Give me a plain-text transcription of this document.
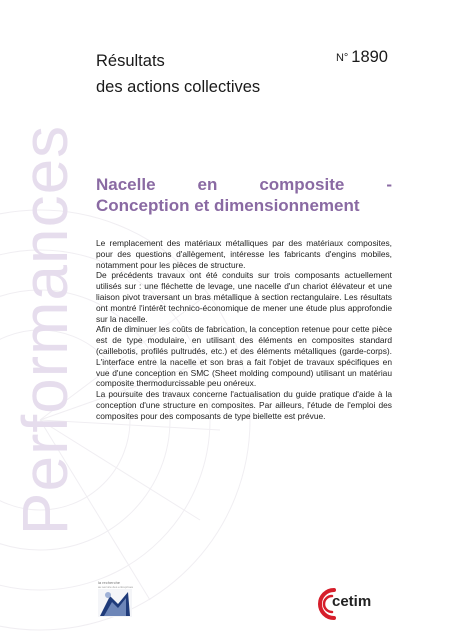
Performances
Résultats
des actions collectives
N° 1890
Nacelle en composite -
Conception et dimensionnement

Le remplacement des matériaux métalliques par des matériaux composites, pour des questions d'allègement, intéresse les fabricants d'engins mobiles, notamment pour les pièces de structure.

De précédents travaux ont été conduits sur trois composants actuellement utilisés sur : une fléchette de levage, une nacelle d'un chariot élévateur et une liaison pivot traversant un bras métallique à section rectangulaire. Les résultats ont montré l'intérêt technico-économique de mener une étude plus approfondie sur la nacelle.

Afin de diminuer les coûts de fabrication, la conception retenue pour cette pièce est de type modulaire, en utilisant des éléments en composites standard (caillebotis, profilés pultrudés, etc.) et des éléments métalliques (garde-corps). L'interface entre la nacelle et son bras a fait l'objet de travaux spécifiques en vue d'une conception en SMC (Sheet molding compound) utilisant un matériau composite thermodurcissable peu onéreux.

La poursuite des travaux concerne l'actualisation du guide pratique d'aide à la conception d'une structure en composites. Par ailleurs, l'étude de l'emploi des composites pour des composants de type biellette est prévue.

la recherche
au service des entreprises
cetim
